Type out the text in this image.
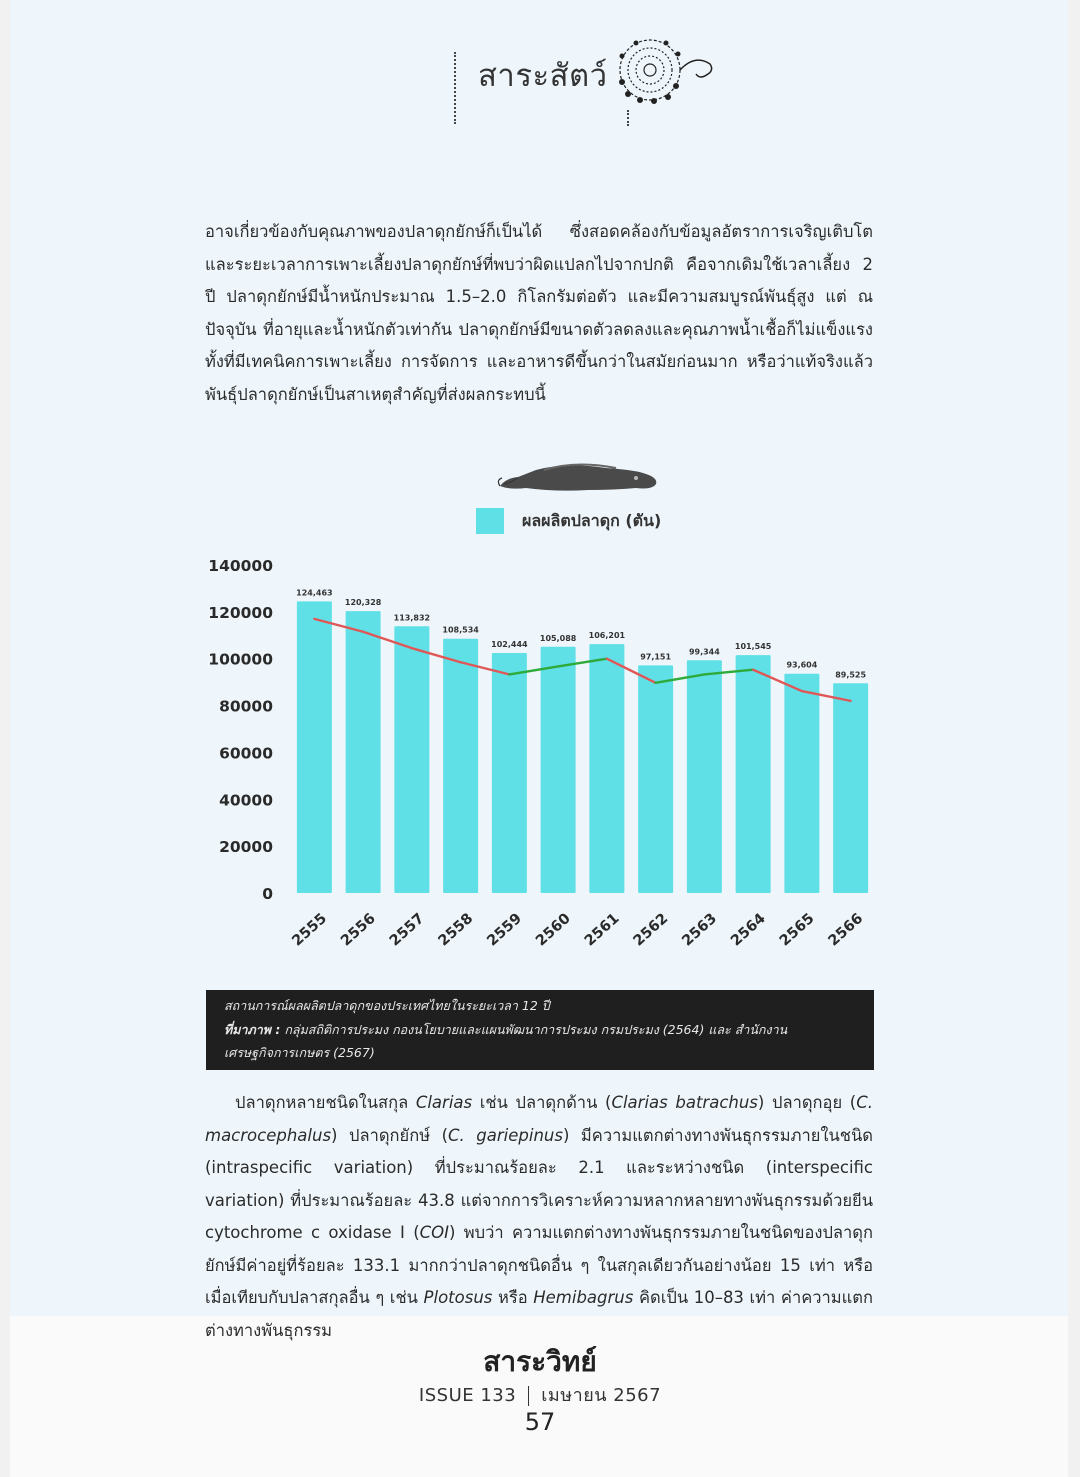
สาระสัตว์

อาจเกี่ยวข้องกับคุณภาพของปลาดุกยักษ์ก็เป็นได้ ซึ่งสอดคล้องกับข้อมูลอัตราการเจริญเติบโตและระยะเวลาการเพาะเลี้ยงปลาดุกยักษ์ที่พบว่าผิดแปลกไปจากปกติ คือจากเดิมใช้เวลาเลี้ยง 2 ปี ปลาดุกยักษ์มีน้ำหนักประมาณ 1.5–2.0 กิโลกรัมต่อตัว และมีความสมบูรณ์พันธุ์สูง แต่ ณ ปัจจุบัน ที่อายุและน้ำหนักตัวเท่ากัน ปลาดุกยักษ์มีขนาดตัวลดลงและคุณภาพน้ำเชื้อก็ไม่แข็งแรง ทั้งที่มีเทคนิคการเพาะเลี้ยง การจัดการ และอาหารดีขึ้นกว่าในสมัยก่อนมาก หรือว่าแท้จริงแล้วพันธุ์ปลาดุกยักษ์เป็นสาเหตุสำคัญที่ส่งผลกระทบนี้

ผลผลิตปลาดุก (ตัน)
0
20000
40000
60000
80000
100000
120000
140000
124,463
2555
120,328
2556
113,832
2557
108,534
2558
102,444
2559
105,088
2560
106,201
2561
97,151
2562
99,344
2563
101,545
2564
93,604
2565
89,525
2566
สถานการณ์ผลผลิตปลาดุกของประเทศไทยในระยะเวลา 12 ปี
ที่มาภาพ : กลุ่มสถิติการประมง กองนโยบายและแผนพัฒนาการประมง กรมประมง (2564) และ สำนักงาน
เศรษฐกิจการเกษตร (2567)

ปลาดุกหลายชนิดในสกุล Clarias เช่น ปลาดุกด้าน (Clarias batrachus) ปลาดุกอุย (C. macrocephalus) ปลาดุกยักษ์ (C. gariepinus) มีความแตกต่างทางพันธุกรรมภายในชนิด (intraspecific variation) ที่ประมาณร้อยละ 2.1 และระหว่างชนิด (interspecific variation) ที่ประมาณร้อยละ 43.8 แต่จากการวิเคราะห์ความหลากหลายทางพันธุกรรมด้วยยีน cytochrome c oxidase I (COI) พบว่า ความแตกต่างทางพันธุกรรมภายในชนิดของปลาดุกยักษ์มีค่าอยู่ที่ร้อยละ 133.1 มากกว่าปลาดุกชนิดอื่น ๆ ในสกุลเดียวกันอย่างน้อย 15 เท่า หรือเมื่อเทียบกับปลาสกุลอื่น ๆ เช่น Plotosus หรือ Hemibagrus คิดเป็น 10–83 เท่า ค่าความแตกต่างทางพันธุกรรม

สาระวิทย์
ISSUE 133 เมษายน 2567
57
